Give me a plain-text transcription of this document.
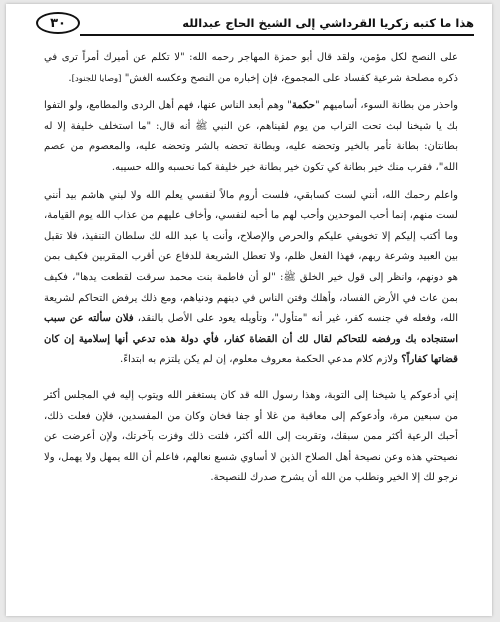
هذا ما كتبه زكريا القرداشي إلى الشيخ الحاج عبدالله
٣٠

على النصح لكل مؤمن، ولقد قال أبو حمزة المهاجر رحمه الله: "لا تكلم عن أميرك أمراً ترى في ذكره مصلحة شرعية كفساد على المجموع، فإن إخباره من النصح وعكسه الغش" [وصايا للجنود].

واحذر من بطانة السوء، أساميهم "حكمة" وهم أبعد الناس عنها، فهم أهل الردى والمطامع، ولو التفوا بك يا شيخنا لبث تحت التراب من يوم لقيناهم، عن النبي ﷺ أنه قال: "ما استخلف خليفة إلا له بطانتان: بطانة تأمر بالخير وتحضه عليه، وبطانة تحضه بالشر وتحضه عليه، والمعصوم من عصم الله"، فقرب منك خير بطانة كي تكون خير بطانة خير خليفة كما نحسبه والله حسيبه.

واعلم رحمك الله، أنني لست كسابقي، فلست أروم مالاً لنفسي يعلم الله ولا لبني هاشم بيد أنني لست منهم، إنما أحب الموحدين وأحب لهم ما أحبه لنفسي، وأخاف عليهم من عذاب الله يوم القيامة، وما أكتب إليكم إلا تخويفي عليكم والحرص والإصلاح، وأنت يا عبد الله لك سلطان التنفيذ، فلا تقبل بين العبيد وشرعة ربهم، فهذا الفعل ظلم، ولا تعطل الشريعة للدفاع عن أقرب المقربين فكيف بمن هو دونهم، وانظر إلى قول خير الخلق ﷺ: "لو أن فاطمة بنت محمد سرقت لقطعت يدها"، فكيف بمن عاث في الأرض الفساد، وأهلك وفتن الناس في دينهم ودنياهم، ومع ذلك يرفض التحاكم لشريعة الله، وفعله في جنسه كفر، غير أنه "متأول"، وتأويله يعود على الأصل بالنقد، فلان سألته عن سبب استنجاده بك ورفضه للتحاكم لقال لك أن القضاة كفار، فأي دولة هذه تدعي أنها إسلامية إن كان قضاتها كفاراً؟ ولازم كلام مدعي الحكمة معروف معلوم، إن لم يكن يلتزم به ابتداءً.

إني أدعوكم يا شيخنا إلى التوبة، وهذا رسول الله قد كان يستغفر الله ويتوب إليه في المجلس أكثر من سبعين مرة، وأدعوكم إلى معاقبة من غلا أو جفا فخان وكان من المفسدين، فلإن فعلت ذلك، أحبك الرعية أكثر ممن سبقك، وتقربت إلى الله أكثر، فلتت ذلك وفزت بآخرتك، ولإن أعرضت عن نصيحتي هذه وعن نصيحة أهل الصلاح الذين لا أساوي شسع نعالهم، فاعلم أن الله يمهل ولا يهمل، ولا نرجو لك إلا الخير ونطلب من الله أن يشرح صدرك للنصيحة.
